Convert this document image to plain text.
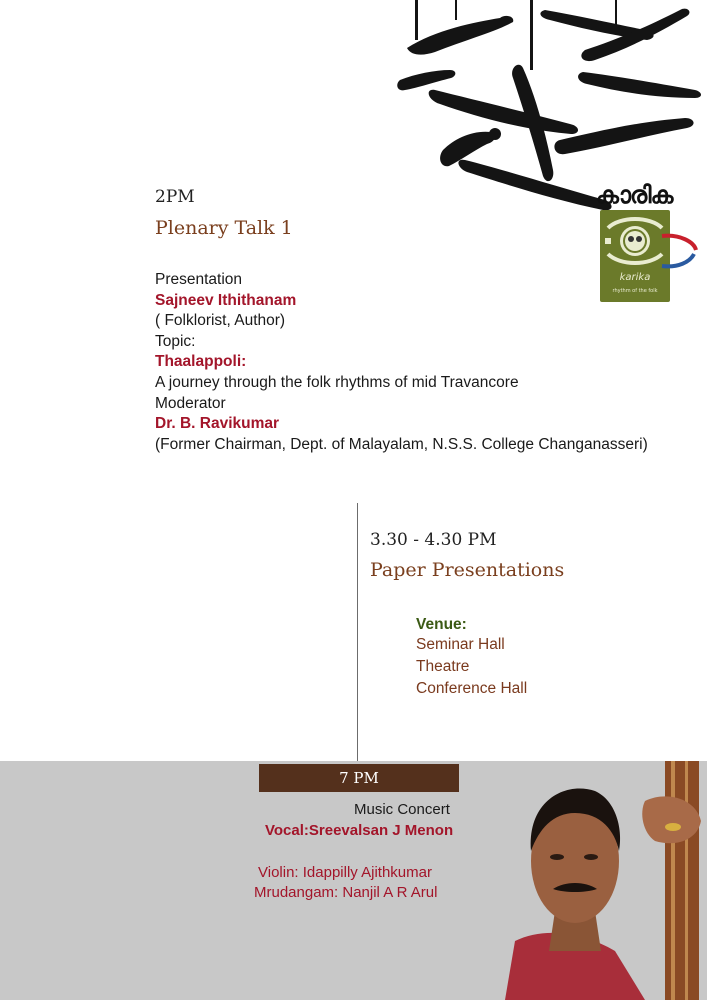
കാരിക
karika
rhythm of the folk
2PM
Plenary Talk 1
Presentation
Sajneev Ithithanam
( Folklorist, Author)
Topic:
Thaalappoli:
A journey through the folk rhythms of mid Travancore
Moderator
Dr. B. Ravikumar
(Former Chairman, Dept. of Malayalam, N.S.S. College Changanasseri)
3.30 - 4.30 PM
Paper Presentations
Venue:
Seminar Hall
Theatre
Conference Hall
7 PM
Music Concert
Vocal:Sreevalsan J Menon
Violin: Idappilly Ajithkumar
Mrudangam: Nanjil A R Arul
